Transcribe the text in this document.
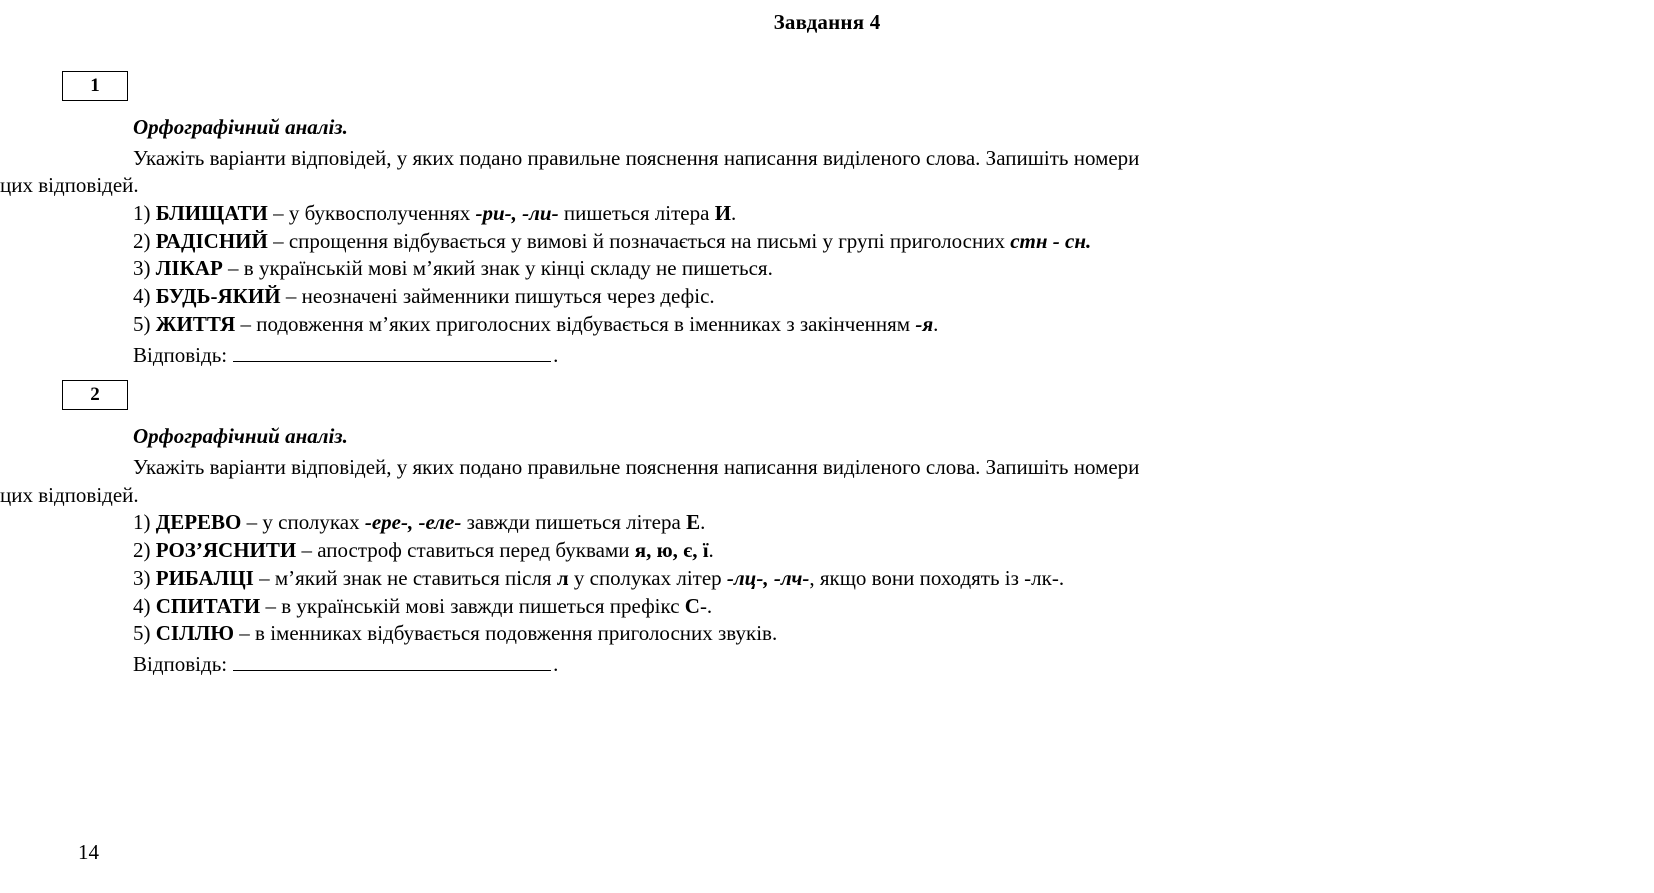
Завдання 4
1
Орфографічний аналіз.
Укажіть варіанти відповідей, у яких подано правильне пояснення написання виділеного слова. Запишіть номери
цих відповідей.
1) БЛИЩАТИ – у буквосполученнях -ри-, -ли- пишеться літера И.
2) РАДІСНИЙ – спрощення відбувається у вимові й позначається на письмі у групі приголосних стн - сн.
3) ЛІКАР – в українській мові м’який знак у кінці складу не пишеться.
4) БУДЬ-ЯКИЙ – неозначені займенники пишуться через дефіс.
5) ЖИТТЯ – подовження м’яких приголосних відбувається в іменниках з закінченням -я.
Відповідь:	.
2
Орфографічний аналіз.
Укажіть варіанти відповідей, у яких подано правильне пояснення написання виділеного слова. Запишіть номери
цих відповідей.
1) ДЕРЕВО – у сполуках -ере-, -еле- завжди пишеться літера Е.
2) РОЗ’ЯСНИТИ – апостроф ставиться перед буквами я, ю, є, ї.
3) РИБАЛЦІ – м’який знак не ставиться після л у сполуках літер -лц-, -лч-, якщо вони походять із -лк-.
4) СПИТАТИ – в українській мові завжди пишеться префікс С-.
5) СІЛЛЮ – в іменниках відбувається подовження приголосних звуків.
Відповідь:	.
14
